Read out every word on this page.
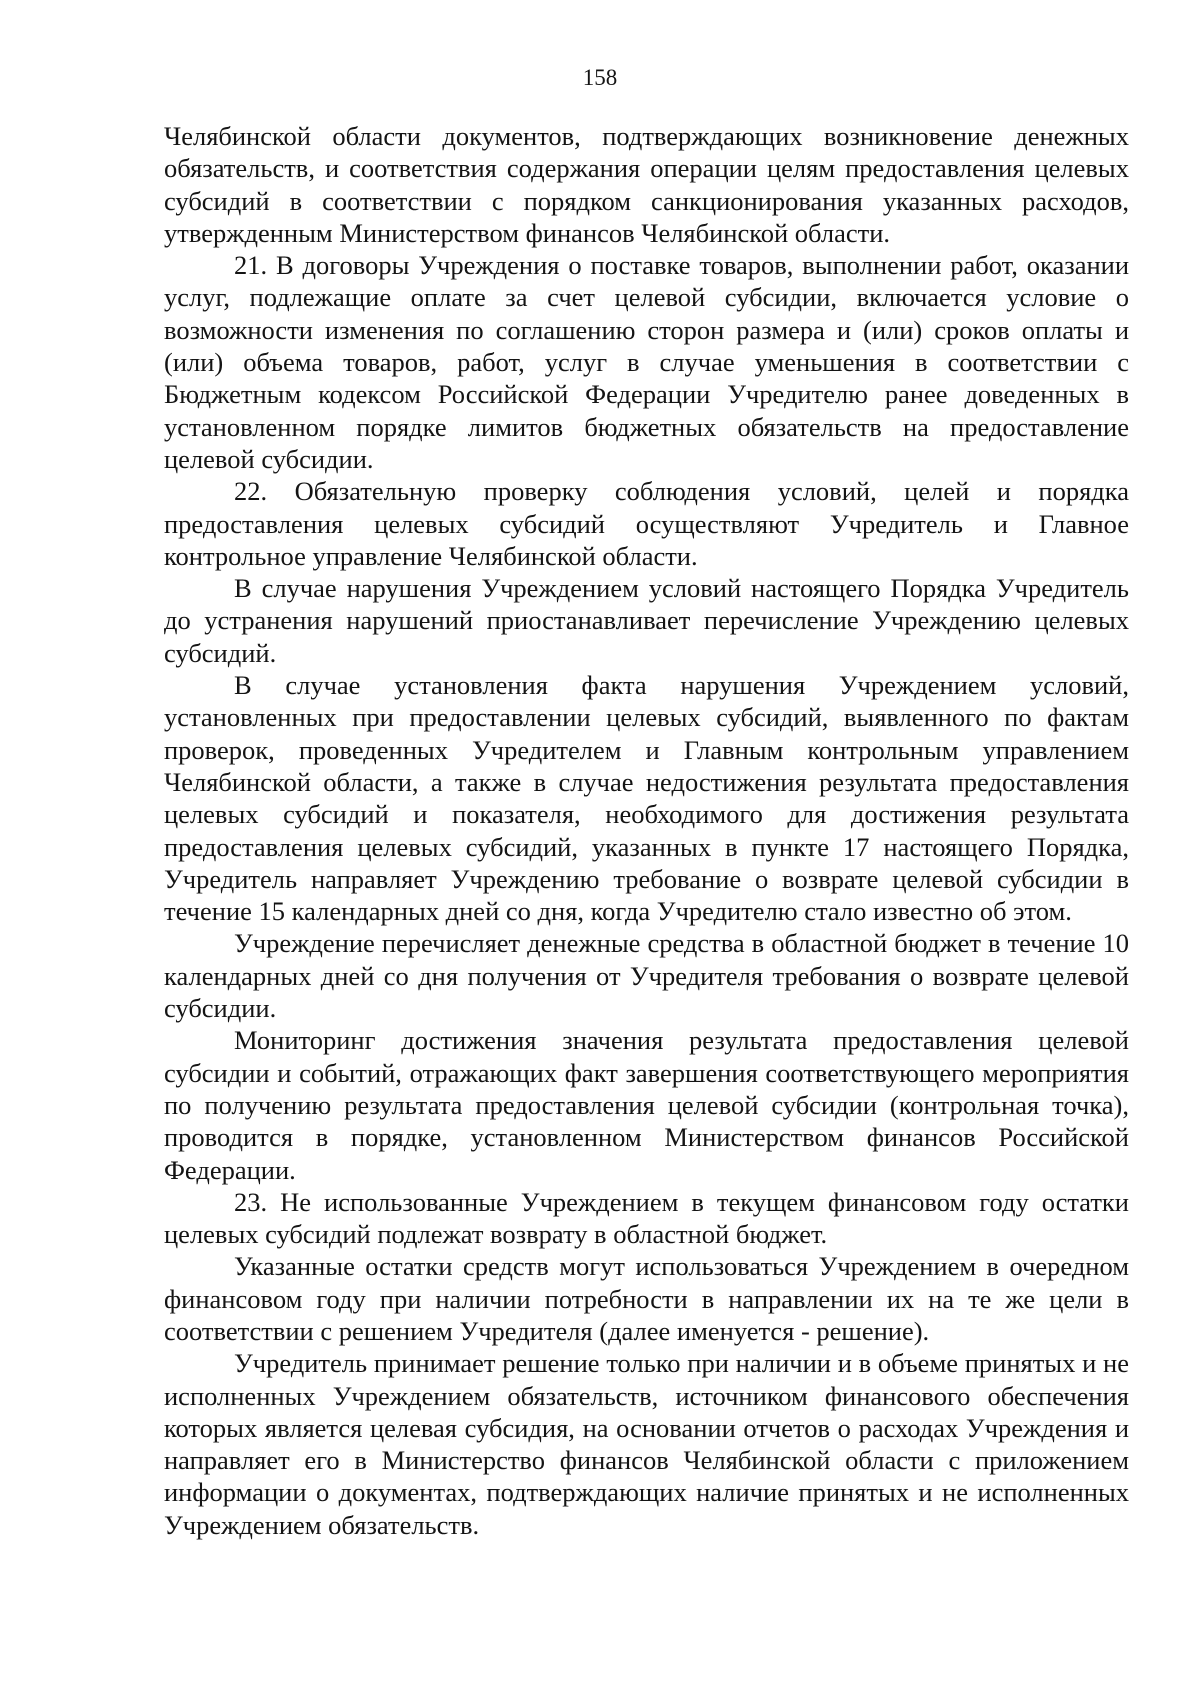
158

Челябинской области документов, подтверждающих возникновение денежных обязательств, и соответствия содержания операции целям предоставления целевых субсидий в соответствии с порядком санкционирования указанных расходов, утвержденным Министерством финансов Челябинской области.

21. В договоры Учреждения о поставке товаров, выполнении работ, оказании услуг, подлежащие оплате за счет целевой субсидии, включается условие о возможности изменения по соглашению сторон размера и (или) сроков оплаты и (или) объема товаров, работ, услуг в случае уменьшения в соответствии с Бюджетным кодексом Российской Федерации Учредителю ранее доведенных в установленном порядке лимитов бюджетных обязательств на предоставление целевой субсидии.

22. Обязательную проверку соблюдения условий, целей и порядка предоставления целевых субсидий осуществляют Учредитель и Главное контрольное управление Челябинской области.

В случае нарушения Учреждением условий настоящего Порядка Учредитель до устранения нарушений приостанавливает перечисление Учреждению целевых субсидий.

В случае установления факта нарушения Учреждением условий, установленных при предоставлении целевых субсидий, выявленного по фактам проверок, проведенных Учредителем и Главным контрольным управлением Челябинской области, а также в случае недостижения результата предоставления целевых субсидий и показателя, необходимого для достижения результата предоставления целевых субсидий, указанных в пункте 17 настоящего Порядка, Учредитель направляет Учреждению требование о возврате целевой субсидии в течение 15 календарных дней со дня, когда Учредителю стало известно об этом.

Учреждение перечисляет денежные средства в областной бюджет в течение 10 календарных дней со дня получения от Учредителя требования о возврате целевой субсидии.

Мониторинг достижения значения результата предоставления целевой субсидии и событий, отражающих факт завершения соответствующего мероприятия по получению результата предоставления целевой субсидии (контрольная точка), проводится в порядке, установленном Министерством финансов Российской Федерации.

23. Не использованные Учреждением в текущем финансовом году остатки целевых субсидий подлежат возврату в областной бюджет.

Указанные остатки средств могут использоваться Учреждением в очередном финансовом году при наличии потребности в направлении их на те же цели в соответствии с решением Учредителя (далее именуется - решение).

Учредитель принимает решение только при наличии и в объеме принятых и не исполненных Учреждением обязательств, источником финансового обеспечения которых является целевая субсидия, на основании отчетов о расходах Учреждения и направляет его в Министерство финансов Челябинской области с приложением информации о документах, подтверждающих наличие принятых и не исполненных Учреждением обязательств.
